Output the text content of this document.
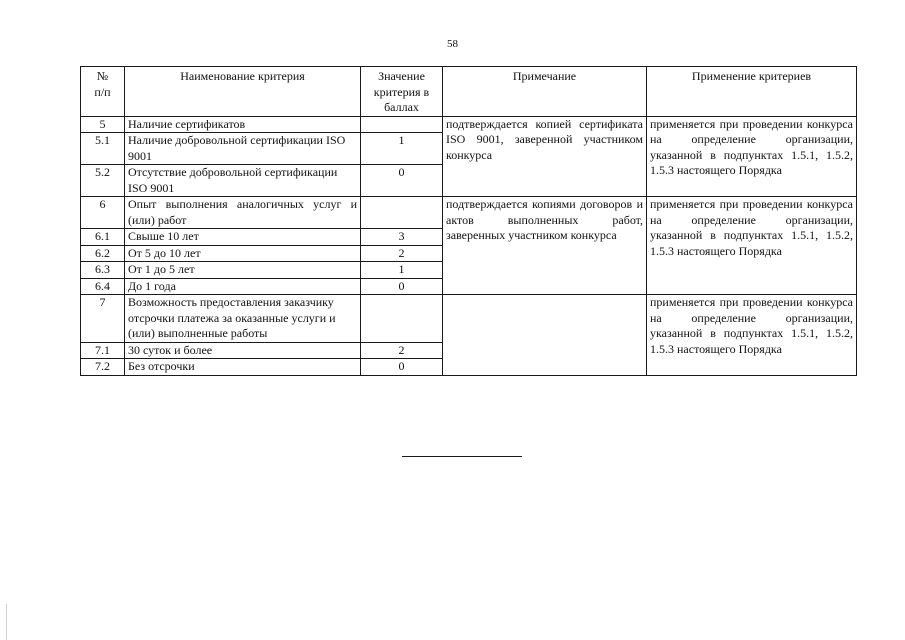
58
№
п/п	Наименование критерия	Значение
критерия в
баллах	Примечание	Применение критериев

5	Наличие сертификатов		подтверждается копией сертификата ISO 9001, заверенной участником конкурса	применяется при проведении конкурса на определение организации, указанной в подпунктах 1.5.1, 1.5.2, 1.5.3 настоящего Порядка
5.1	Наличие добровольной сертификации ISO 9001	1		
5.2	Отсутствие добровольной сертификации ISO 9001	0		
6	Опыт выполнения аналогичных услуг и (или) работ		подтверждается копиями договоров и актов выполненных работ, заверенных участником конкурса	применяется при проведении конкурса на определение организации, указанной в подпунктах 1.5.1, 1.5.2, 1.5.3 настоящего Порядка
6.1	Свыше 10 лет	3		
6.2	От 5 до 10 лет	2		
6.3	От 1 до 5 лет	1		
6.4	До 1 года	0		
7	Возможность предоставления заказчику отсрочки платежа за оказанные услуги и (или) выполненные работы			применяется при проведении конкурса на определение организации, указанной в подпунктах 1.5.1, 1.5.2, 1.5.3 настоящего Порядка
7.1	30 суток и более	2		
7.2	Без отсрочки	0		
